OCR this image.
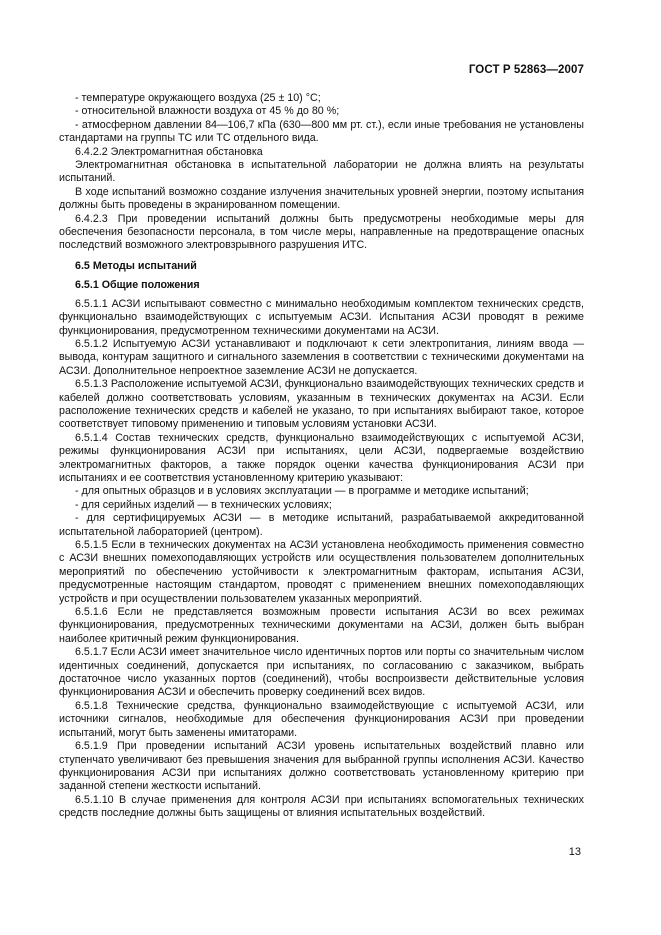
ГОСТ Р 52863—2007

- температуре окружающего воздуха (25 ± 10) °С;

- относительной влажности воздуха от 45 % до 80 %;

- атмосферном давлении 84—106,7 кПа (630—800 мм рт. ст.), если иные требования не установлены стандартами на группы ТС или ТС отдельного вида.

6.4.2.2 Электромагнитная обстановка

Электромагнитная обстановка в испытательной лаборатории не должна влиять на результаты испытаний.

В ходе испытаний возможно создание излучения значительных уровней энергии, поэтому испытания должны быть проведены в экранированном помещении.

6.4.2.3 При проведении испытаний должны быть предусмотрены необходимые меры для обеспечения безопасности персонала, в том числе меры, направленные на предотвращение опасных последствий возможного электровзрывного разрушения ИТС.

6.5 Методы испытаний

6.5.1 Общие положения

6.5.1.1 АСЗИ испытывают совместно с минимально необходимым комплектом технических средств, функционально взаимодействующих с испытуемым АСЗИ. Испытания АСЗИ проводят в режиме функционирования, предусмотренном техническими документами на АСЗИ.

6.5.1.2 Испытуемую АСЗИ устанавливают и подключают к сети электропитания, линиям ввода — вывода, контурам защитного и сигнального заземления в соответствии с техническими документами на АСЗИ. Дополнительное непроектное заземление АСЗИ не допускается.

6.5.1.3 Расположение испытуемой АСЗИ, функционально взаимодействующих технических средств и кабелей должно соответствовать условиям, указанным в технических документах на АСЗИ. Если расположение технических средств и кабелей не указано, то при испытаниях выбирают такое, которое соответствует типовому применению и типовым условиям установки АСЗИ.

6.5.1.4 Состав технических средств, функционально взаимодействующих с испытуемой АСЗИ, режимы функционирования АСЗИ при испытаниях, цели АСЗИ, подвергаемые воздействию электромагнитных факторов, а также порядок оценки качества функционирования АСЗИ при испытаниях и ее соответствия установленному критерию указывают:

- для опытных образцов и в условиях эксплуатации — в программе и методике испытаний;

- для серийных изделий — в технических условиях;

- для сертифицируемых АСЗИ — в методике испытаний, разрабатываемой аккредитованной испытательной лабораторией (центром).

6.5.1.5 Если в технических документах на АСЗИ установлена необходимость применения совместно с АСЗИ внешних помехоподавляющих устройств или осуществления пользователем дополнительных мероприятий по обеспечению устойчивости к электромагнитным факторам, испытания АСЗИ, предусмотренные настоящим стандартом, проводят с применением внешних помехоподавляющих устройств и при осуществлении пользователем указанных мероприятий.

6.5.1.6 Если не представляется возможным провести испытания АСЗИ во всех режимах функционирования, предусмотренных техническими документами на АСЗИ, должен быть выбран наиболее критичный режим функционирования.

6.5.1.7 Если АСЗИ имеет значительное число идентичных портов или порты со значительным числом идентичных соединений, допускается при испытаниях, по согласованию с заказчиком, выбрать достаточное число указанных портов (соединений), чтобы воспроизвести действительные условия функционирования АСЗИ и обеспечить проверку соединений всех видов.

6.5.1.8 Технические средства, функционально взаимодействующие с испытуемой АСЗИ, или источники сигналов, необходимые для обеспечения функционирования АСЗИ при проведении испытаний, могут быть заменены имитаторами.

6.5.1.9 При проведении испытаний АСЗИ уровень испытательных воздействий плавно или ступенчато увеличивают без превышения значения для выбранной группы исполнения АСЗИ. Качество функционирования АСЗИ при испытаниях должно соответствовать установленному критерию при заданной степени жесткости испытаний.

6.5.1.10 В случае применения для контроля АСЗИ при испытаниях вспомогательных технических средств последние должны быть защищены от влияния испытательных воздействий.

13
